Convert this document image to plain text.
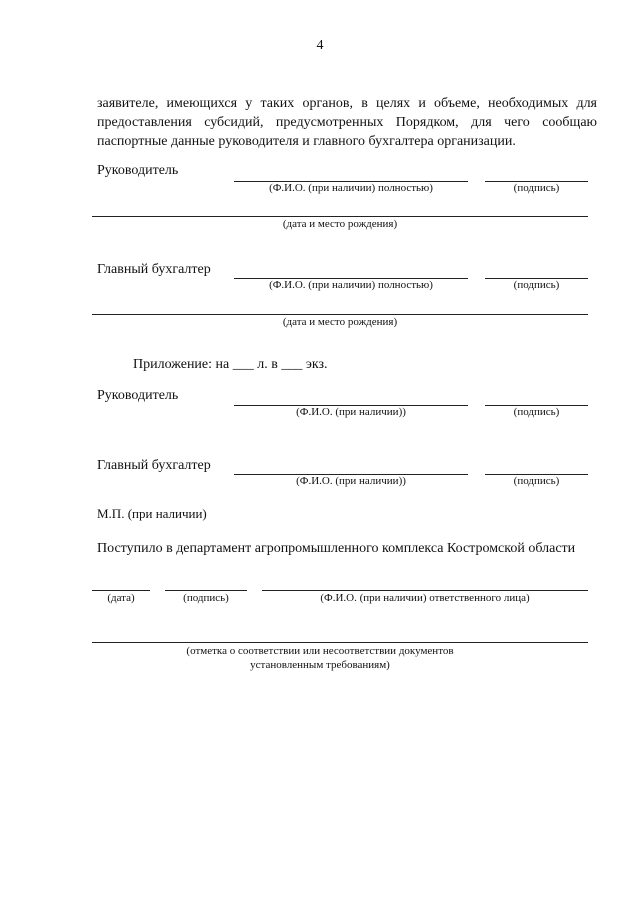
4
заявителе, имеющихся у таких органов, в целях и объеме, необходимых для предоставления субсидий, предусмотренных Порядком, для чего сообщаю паспортные данные руководителя и главного бухгалтера организации.
Руководитель
(Ф.И.О. (при наличии) полностью)	(подпись)
(дата и место рождения)
Главный бухгалтер
(Ф.И.О. (при наличии) полностью)	(подпись)
(дата и место рождения)
Приложение: на ___ л. в ___ экз.
Руководитель
(Ф.И.О. (при наличии))	(подпись)
Главный бухгалтер
(Ф.И.О. (при наличии))	(подпись)
М.П. (при наличии)
Поступило в департамент агропромышленного комплекса Костромской области
(дата)	(подпись)	(Ф.И.О. (при наличии) ответственного лица)
(отметка о соответствии или несоответствии документов установленным требованиям)
